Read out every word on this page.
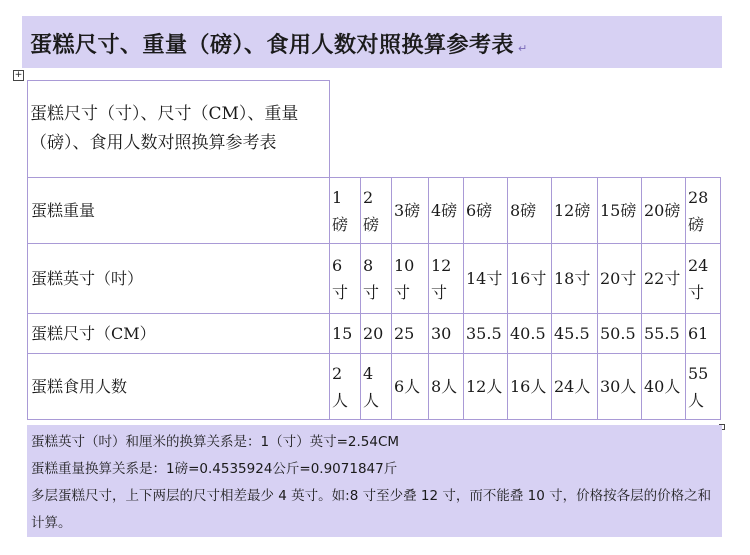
蛋糕尺寸、重量（磅）、食用人数对照换算参考表 ↵
+
蛋糕尺寸（寸）、尺寸（CM）、重量（磅）、食用人数对照换算参考表										
蛋糕重量	1磅	2磅	3磅	4磅	6磅	8磅	12磅	15磅	20磅	28磅
蛋糕英寸（吋）	6寸	8寸	10寸	12寸	14寸	16寸	18寸	20寸	22寸	24寸
蛋糕尺寸（CM）	15	20	25	30	35.5	40.5	45.5	50.5	55.5	61
蛋糕食用人数	2人	4人	6人	8人	12人	16人	24人	30人	40人	55人

蛋糕英寸（吋）和厘米的换算关系是：1（寸）英寸=2.54CM

蛋糕重量换算关系是：1磅=0.4535924公斤=0.9071847斤

多层蛋糕尺寸，上下两层的尺寸相差最少 4 英寸。如:8 寸至少叠 12 寸，而不能叠 10 寸，价格按各层的价格之和计算。
